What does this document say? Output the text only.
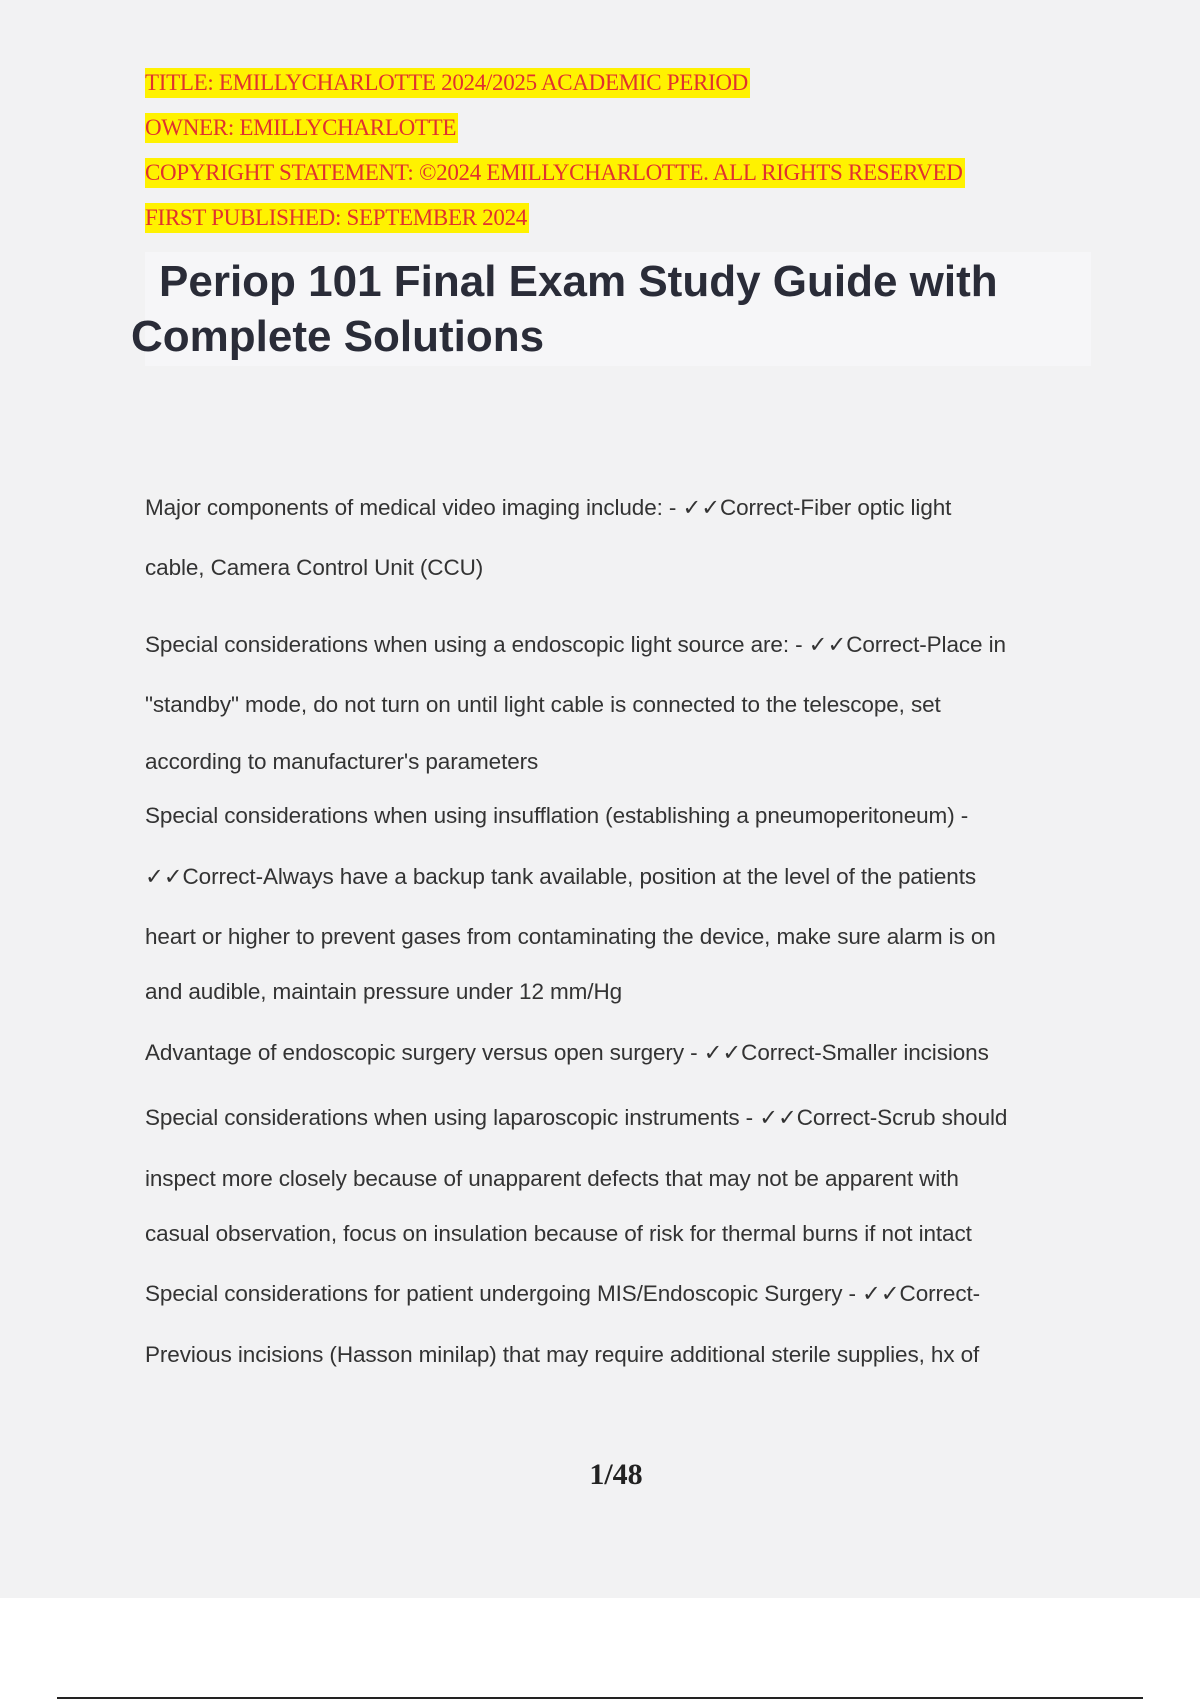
TITLE: EMILLYCHARLOTTE 2024/2025 ACADEMIC PERIOD
OWNER: EMILLYCHARLOTTE
COPYRIGHT STATEMENT: ©2024 EMILLYCHARLOTTE. ALL RIGHTS RESERVED
FIRST PUBLISHED: SEPTEMBER 2024
Periop 101 Final Exam Study Guide with
Complete Solutions
Major components of medical video imaging include: - ✓✓Correct-Fiber optic light
cable, Camera Control Unit (CCU)
Special considerations when using a endoscopic light source are: - ✓✓Correct-Place in
"standby" mode, do not turn on until light cable is connected to the telescope, set
according to manufacturer's parameters
Special considerations when using insufflation (establishing a pneumoperitoneum) -
✓✓Correct-Always have a backup tank available, position at the level of the patients
heart or higher to prevent gases from contaminating the device, make sure alarm is on
and audible, maintain pressure under 12 mm/Hg
Advantage of endoscopic surgery versus open surgery - ✓✓Correct-Smaller incisions
Special considerations when using laparoscopic instruments - ✓✓Correct-Scrub should
inspect more closely because of unapparent defects that may not be apparent with
casual observation, focus on insulation because of risk for thermal burns if not intact
Special considerations for patient undergoing MIS/Endoscopic Surgery - ✓✓Correct-
Previous incisions (Hasson minilap) that may require additional sterile supplies, hx of
1/48
